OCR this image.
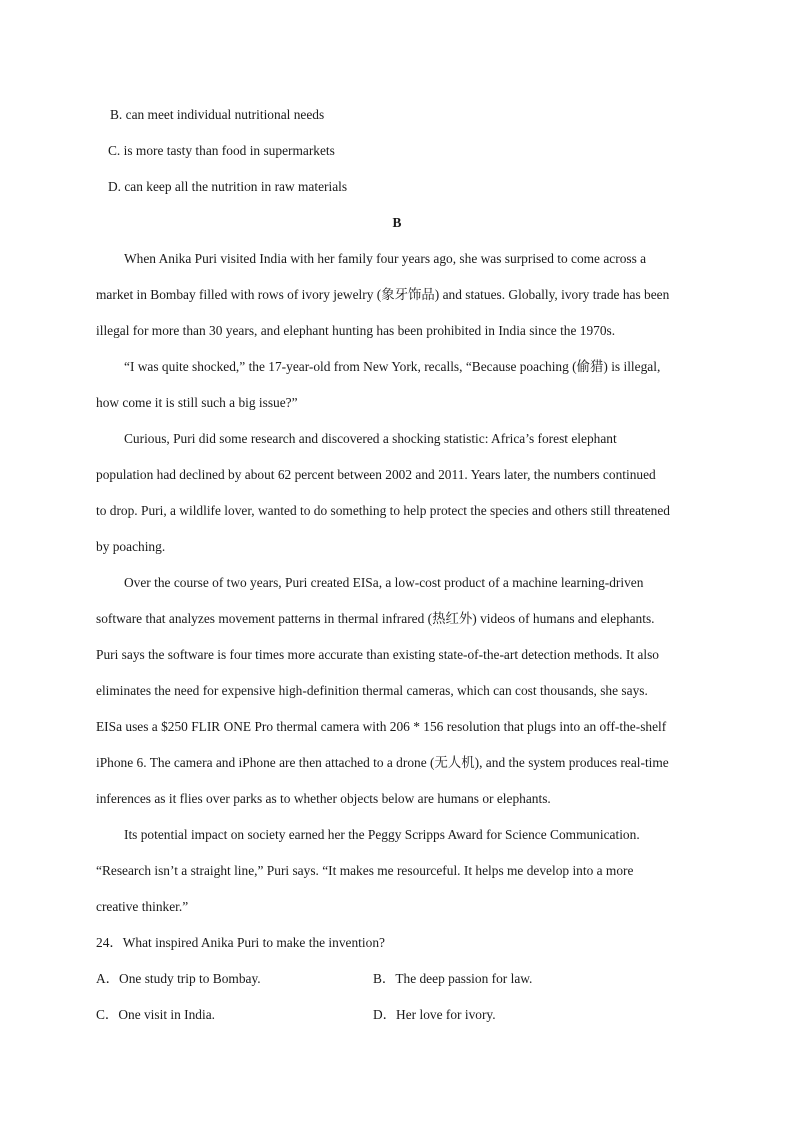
B. can meet individual nutritional needs
C. is more tasty than food in supermarkets
D. can keep all the nutrition in raw materials
B
When Anika Puri visited India with her family four years ago, she was surprised to come across a
market in Bombay filled with rows of ivory jewelry (象牙饰品) and statues. Globally, ivory trade has been
illegal for more than 30 years, and elephant hunting has been prohibited in India since the 1970s.
“I was quite shocked,” the 17-year-old from New York, recalls, “Because poaching (偷猎) is illegal,
how come it is still such a big issue?”
Curious, Puri did some research and discovered a shocking statistic: Africa’s forest elephant
population had declined by about 62 percent between 2002 and 2011. Years later, the numbers continued
to drop. Puri, a wildlife lover, wanted to do something to help protect the species and others still threatened
by poaching.
Over the course of two years, Puri created EISa, a low-cost product of a machine learning-driven
software that analyzes movement patterns in thermal infrared (热红外) videos of humans and elephants.
Puri says the software is four times more accurate than existing state-of-the-art detection methods. It also
eliminates the need for expensive high-definition thermal cameras, which can cost thousands, she says.
EISa uses a $250 FLIR ONE Pro thermal camera with 206 * 156 resolution that plugs into an off-the-shelf
iPhone 6. The camera and iPhone are then attached to a drone (无人机), and the system produces real-time
inferences as it flies over parks as to whether objects below are humans or elephants.
Its potential impact on society earned her the Peggy Scripps Award for Science Communication.
“Research isn’t a straight line,” Puri says. “It makes me resourceful. It helps me develop into a more
creative thinker.”
24．What inspired Anika Puri to make the invention?
A．One study trip to Bombay.	B．The deep passion for law.
C．One visit in India.	D．Her love for ivory.
